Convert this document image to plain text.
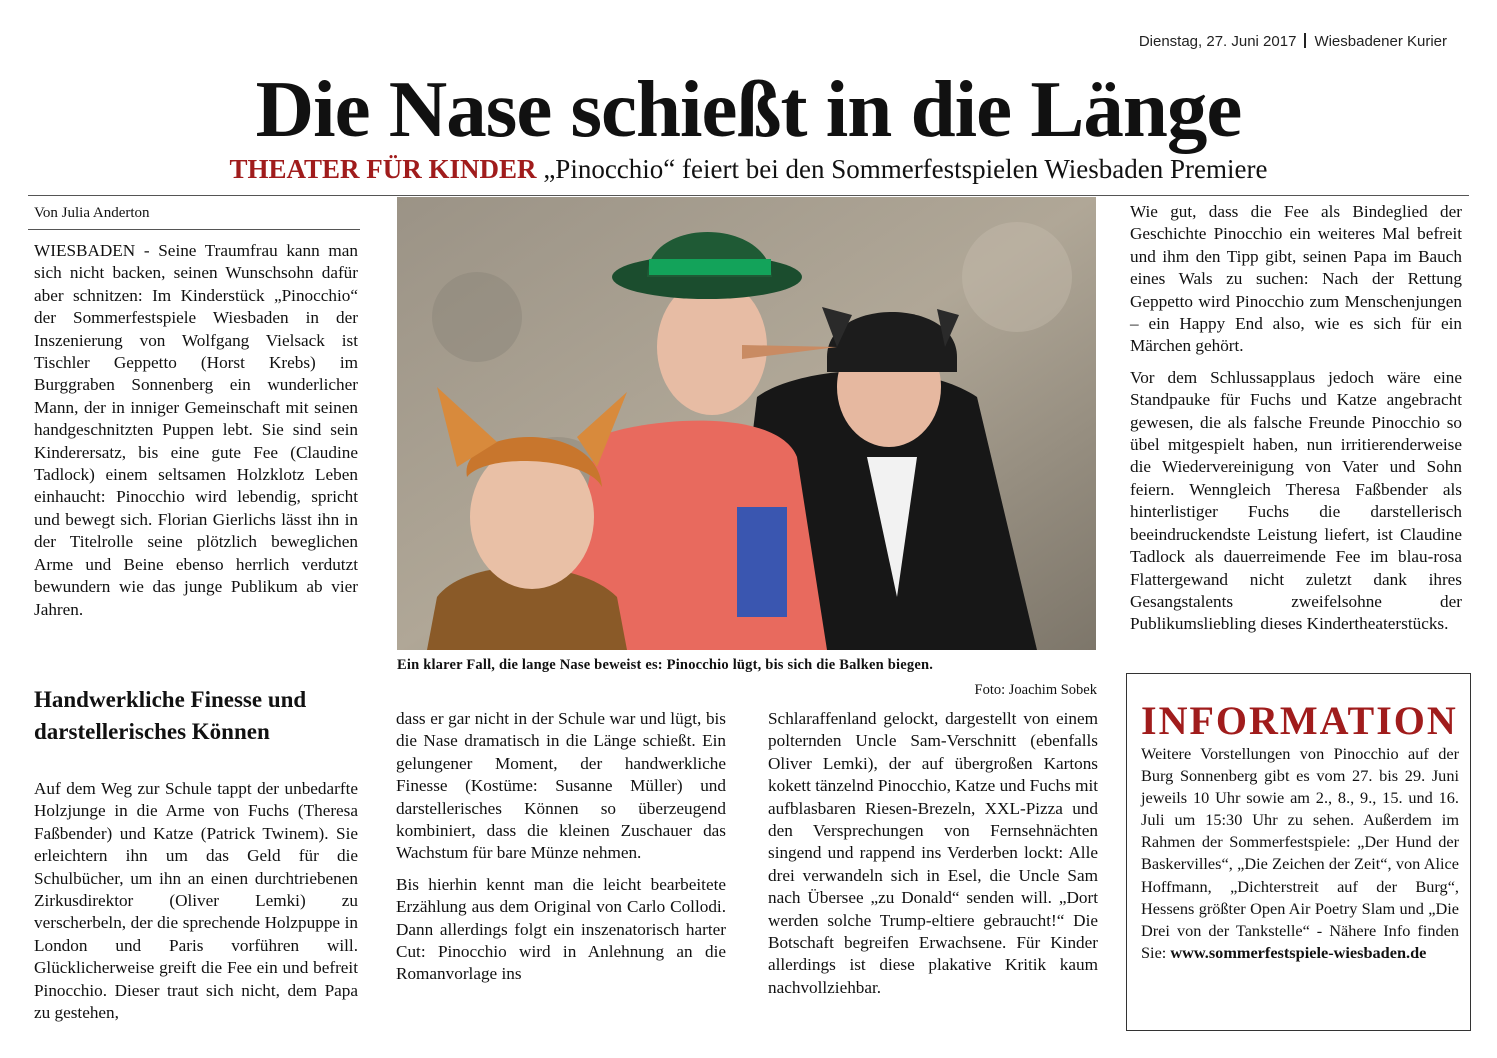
Dienstag, 27. Juni 2017 Wiesbadener Kurier
Die Nase schießt in die Länge
THEATER FÜR KINDER „Pinocchio“ feiert bei den Sommerfestspielen Wiesbaden Premiere
Von Julia Anderton

WIESBADEN - Seine Traumfrau kann man sich nicht backen, seinen Wunschsohn dafür aber schnitzen: Im Kinderstück „Pinocchio“ der Sommerfestspiele Wiesbaden in der Inszenierung von Wolfgang Vielsack ist Tischler Geppetto (Horst Krebs) im Burggraben Sonnenberg ein wunderlicher Mann, der in inniger Gemeinschaft mit seinen handgeschnitzten Puppen lebt. Sie sind sein Kinderersatz, bis eine gute Fee (Claudine Tadlock) einem seltsamen Holzklotz Leben einhaucht: Pinocchio wird lebendig, spricht und bewegt sich. Florian Gierlichs lässt ihn in der Titelrolle seine plötzlich beweglichen Arme und Beine ebenso herrlich verdutzt bewundern wie das junge Publikum ab vier Jahren.

Handwerkliche Finesse und darstellerisches Können

Auf dem Weg zur Schule tappt der unbedarfte Holzjunge in die Arme von Fuchs (Theresa Faßbender) und Katze (Patrick Twinem). Sie erleichtern ihn um das Geld für die Schulbücher, um ihn an einen durchtriebenen Zirkusdirektor (Oliver Lemki) zu verscherbeln, der die sprechende Holzpuppe in London und Paris vorführen will. Glücklicherweise greift die Fee ein und befreit Pinocchio. Dieser traut sich nicht, dem Papa zu gestehen,

Ein klarer Fall, die lange Nase beweist es: Pinocchio lügt, bis sich die Balken biegen.
Foto: Joachim Sobek

dass er gar nicht in der Schule war und lügt, bis die Nase dramatisch in die Länge schießt. Ein gelungener Moment, der handwerkliche Finesse (Kostüme: Susanne Müller) und darstellerisches Können so überzeugend kombiniert, dass die kleinen Zuschauer das Wachstum für bare Münze nehmen.

Bis hierhin kennt man die leicht bearbeitete Erzählung aus dem Original von Carlo Collodi. Dann allerdings folgt ein inszenatorisch harter Cut: Pinocchio wird in Anlehnung an die Romanvorlage ins

Schlaraffenland gelockt, dargestellt von einem polternden Uncle Sam-Verschnitt (ebenfalls Oliver Lemki), der auf übergroßen Kartons kokett tänzelnd Pinocchio, Katze und Fuchs mit aufblasbaren Riesen-Brezeln, XXL-Pizza und den Versprechungen von Fernsehnächten singend und rappend ins Verderben lockt: Alle drei verwandeln sich in Esel, die Uncle Sam nach Übersee „zu Donald“ senden will. „Dort werden solche Trump-eltiere gebraucht!“ Die Botschaft begreifen Erwachsene. Für Kinder allerdings ist diese plakative Kritik kaum nachvollziehbar.

Wie gut, dass die Fee als Bindeglied der Geschichte Pinocchio ein weiteres Mal befreit und ihm den Tipp gibt, seinen Papa im Bauch eines Wals zu suchen: Nach der Rettung Geppetto wird Pinocchio zum Menschenjungen – ein Happy End also, wie es sich für ein Märchen gehört.

Vor dem Schlussapplaus jedoch wäre eine Standpauke für Fuchs und Katze angebracht gewesen, die als falsche Freunde Pinocchio so übel mitgespielt haben, nun irritierenderweise die Wiedervereinigung von Vater und Sohn feiern. Wenngleich Theresa Faßbender als hinterlistiger Fuchs die darstellerisch beeindruckendste Leistung liefert, ist Claudine Tadlock als dauerreimende Fee im blau-rosa Flattergewand nicht zuletzt dank ihres Gesangstalents zweifelsohne der Publikumsliebling dieses Kindertheaterstücks.

INFORMATION
Weitere Vorstellungen von Pinocchio auf der Burg Sonnenberg gibt es vom 27. bis 29. Juni jeweils 10 Uhr sowie am 2., 8., 9., 15. und 16. Juli um 15:30 Uhr zu sehen. Außerdem im Rahmen der Sommerfestspiele: „Der Hund der Baskervilles“, „Die Zeichen der Zeit“, von Alice Hoffmann, „Dichterstreit auf der Burg“, Hessens größter Open Air Poetry Slam und „Die Drei von der Tankstelle“ - Nähere Info finden Sie: www.sommerfestspiele-wiesbaden.de
